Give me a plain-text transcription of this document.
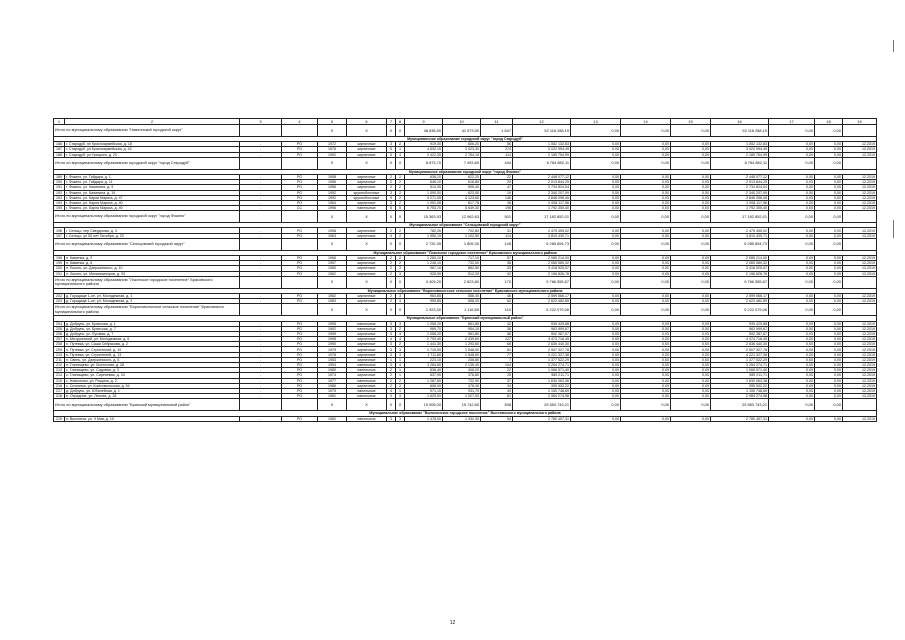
1	2	3	4	5	6	7	8	9	10	11	12	13	14	15	16	17	18	19
Итого по муниципальному образованию "Навлинский городской округ"				X	X	X	X	46 838,90	41 973,90	1 647	52 116 288,19	0,00	0,00	0,00	52 116 288,19	0,00	0,00	
Муниципальное образование городской округ "город Стародуб"																		
186	г. Стародуб, пл Красноармейская, д. 18	-	РО	1972	кирпичные	3	2	919,30	806,20	56	1 552 132,83	0,00	0,00	0,00	1 552 132,83	0,00	0,00	12.2019
187	г. Стародуб, ул Красноармейская, д. 42	-	РО	1976	кирпичные	5	1	4 532,10	3 923,30	274	3 022 994,49	0,00	0,00	0,00	3 022 994,49	0,00	0,00	12.2019
188	г. Стародуб, ул Урицкого, д. 23	-	РО	1992	кирпичные	5	4	3 422,30	2 764,10	114	2 189 754,99	0,00	0,00	0,00	2 189 754,99	0,00	0,00	12.2019
Итого по муниципальному образованию городской округ "город Стародуб"				X	X	X	X	8 873,70	7 493,60	444	6 764 882,11	0,00	0,00	0,00	6 764 882,11	0,00	0,00	
Муниципальное образование городской округ "город Фокино"																		
189	г. Фокино, ул. Гайдара, д. 1	-	РО	1958	кирпичные	2	2	638,20	622,20	22	2 448 077,12	0,00	0,00	0,00	2 448 077,12	0,00	0,00	12.2019
190	г. Фокино, ул. Гайдара, д. 11	-	РО	1956	кирпичные	2	2	646,10	616,80	29	2 013 844,25	0,00	0,00	0,00	2 013 844,25	0,00	0,00	12.2019
191	г. Фокино, ул. Калинина, д. 9	-	РО	1956	кирпичные	2	2	514,30	505,40	47	2 734 824,04	0,00	0,00	0,00	2 734 824,04	0,00	0,00	12.2019
192	г. Фокино, ул. Калинина, д. 19	-	РО	1952	крупноблочные	3	2	1 090,00	623,50	19	2 340 207,09	0,00	0,00	0,00	2 340 207,09	0,00	0,00	12.2019
193	г. Фокино, ул. Карла Маркса, д. 47	-	РО	1992	крупноблочные	9	2	4 271,55	4 123,65	146	3 846 096,45	0,00	0,00	0,00	3 846 096,45	0,00	0,00	12.2019
194	г. Фокино, ул. Карла Маркса, д. 40	-	РО	1964	кирпичные	3	2	1 051,08	817,78	38	2 008 117,56	0,00	0,00	0,00	2 008 117,56	0,00	0,00	12.2019
195	г. Фокино, ул. Карла Маркса, д. 49	-	СС	1996	панельные	5	5	6 753,70	5 649,30	198	1 792 305,40	0,00	0,00	0,00	1 792 305,40	0,00	0,00	12.2019
Итого по муниципальному образованию городской округ "город Фокино"				X	X	X	X	15 363,93	12 962,63	501	17 182 852,01	0,00	0,00	0,00	17 182 852,01	0,00	0,00	
Муниципальное образование "Сельцовский городской округ"																		
196	г. Сельцо, пер Свердлова, д. 3	-	РО	1958	кирпичные	2	2	782,26	702,80	31	2 475 455,02	0,00	0,00	0,00	2 475 455,02	0,00	0,00	12.2019
197	г. Сельцо, ул 50 лет Октября, д. 20	-	РО	1963	кирпичные	4	2	1 950,19	1 102,50	114	3 810 439,71	0,00	0,00	0,00	3 810 439,71	0,00	0,00	12.2019
Итого по муниципальному образованию "Сельцовский городской округ"				X	X	X	X	2 732,45	1 805,30	145	6 285 894,73	0,00	0,00	0,00	6 285 894,73	0,00	0,00	
Муниципальное образование "Локотское городское поселение" Брасовского муниципального района																		
198	п. Каменка, д. 2	-	РО	1966	кирпичные	2	2	1 283,10	717,10	57	2 085 214,00	0,00	0,00	0,00	2 085 214,00	0,00	0,00	12.2019
199	п. Каменка, д. 6	-	РО	1957	кирпичные	2	2	1 248,10	732,00	38	2 065 589,32	0,00	0,00	0,00	2 065 589,32	0,00	0,00	12.2019
200	п. Локоть, ул. Дзержинского, д. 10	-	РО	1980	кирпичные	2	3	967,10	862,50	33	3 418 925,57	0,00	0,00	0,00	3 418 925,57	0,00	0,00	12.2019
201	п. Локоть, ул. Механизаторов, д. 33	-	РО	1962	кирпичные	2	3	928,90	512,20	42	2 196 826,76	0,00	0,00	0,00	2 196 826,76	0,00	0,00	12.2019
Итого по муниципальному образованию "Локотское городское поселение" Брасовского муниципального района				X	X	X	X	4 409,20	2 823,80	170	9 766 555,67	0,00	0,00	0,00	9 766 555,67	0,00	0,00	
Муниципальное образование "Вороновологское сельское поселение" Брасовского муниципального района																		
202	д. Городище 1-ое, ул. Молодежная, д. 1	-	РО	1982	кирпичные	2	3	963,85	558,40	46	2 599 566,17	0,00	0,00	0,00	2 599 566,17	0,00	0,00	12.2019
203	д. Городище 1-ое, ул. Молодежная, д. 2	-	РО	1983	кирпичные	2	3	959,85	558,20	62	2 622 482,89	0,00	0,00	0,00	2 622 482,89	0,00	0,00	12.2019
Итого по муниципальному образованию "Вороновологское сельское поселение" Брасовского муниципального района				X	X	X	X	1 923,30	1 116,60	110	5 222 079,06	0,00	0,00	0,00	5 222 079,06	0,00	0,00	
Муниципальное образование "Брянский муниципальный район"																		
204	д. Добрунь, ул. Брянская, д. 1	-	РО	1995	панельные	3	3	1 058,20	861,80	42	939 429,88	0,00	0,00	0,00	939 429,88	0,00	0,00	12.2019
205	д. Добрунь, ул. Брянская, д. 7	-	РО	1992	панельные	3	2	989,70	954,10	36	963 999,67	0,00	0,00	0,00	963 999,67	0,00	0,00	12.2019
206	д. Добрунь, ул. Луговая, д. 7	-	РО	1999	кирпичные	3	3	1 056,20	961,80	56	592 387,67	0,00	0,00	0,00	592 387,67	0,00	0,00	12.2019
207	п. Мичуринский, ул. Молодежная, д. 5	-	РО	1998	кирпичные	4	4	2 793,40	2 439,60	127	4 474 716,45	0,00	0,00	0,00	4 474 716,45	0,00	0,00	12.2019
208	п. Путевка, ул. Саши Себрякова, д. 2	-	РО	1990	кирпичные	3	2	1 441,30	1 293,60	68	2 636 440,30	0,00	0,00	0,00	2 636 440,30	0,00	0,00	12.2019
209	п. Путевка, ул. Строителей, д. 10	-	РО	1979	кирпичные	3	3	1 710,00	1 548,00	81	2 907 327,78	0,00	0,00	0,00	2 907 327,78	0,00	0,00	12.2019
210	п. Путевка, ул. Строителей, д. 13	-	РО	1978	кирпичные	3	3	1 711,60	1 548,60	77	4 221 327,38	0,00	0,00	0,00	4 221 327,38	0,00	0,00	12.2019
211	п. Свень, ул. Дзержинского, д. 6	-	РО	1953	кирпичные	1	1	223,10	208,80	7	1 377 522,29	0,00	0,00	0,00	1 377 522,29	0,00	0,00	12.2019
212	п. Глинищево, ул. Восточная, д. 28	-	РО	1994	панельные	3	4	3 284,80	2 135,40	104	3 254 274,71	0,00	0,00	0,00	3 254 274,71	0,00	0,00	12.2019
213	с. Глинищево, ул. Садовая, д. 3	-	РО	1980	панельные	2	1	836,40	406,20	22	1 066 571,40	0,00	0,00	0,00	1 066 571,40	0,00	0,00	12.2019
214	с. Глинищево, ул. Сиреневая, д. 34	-	РО	1974	кирпичные	2	1	637,90	376,80	25	989 211,71	0,00	0,00	0,00	989 211,71	0,00	0,00	12.2019
215	с. Новоселки, ул. Рощина, д. 2	-	РО	1977	панельные	2	2	1 287,80	732,90	37	1 630 063,36	0,00	0,00	0,00	1 630 063,36	0,00	0,00	12.2019
216	с. Ситнянка, ул. Комсомольская, д. 54	-	РО	1986	кирпичные	2	2	608,00	476,40	34	395 532,22	0,00	0,00	0,00	395 532,22	0,00	0,00	12.2019
217	д. Добрунь, ул. Юбилейная, д. 1	-	РО	1975	панельные	4	1	971,10	931,70	40	1 150 748,69	0,00	0,00	0,00	1 150 748,69	0,00	0,00	12.2019
218	п. Отрадное, ул. Лесная, д. 34	-	РО	1981	панельные	3	3	1 625,00	1 527,00	81	2 984 274,98	0,00	0,00	0,00	2 984 274,98	0,00	0,00	12.2019
Итого по муниципальному образованию "Брянский муниципальный район"				X	X	X	X	19 908,00	15 742,80	838	29 583 743,21	0,00	0,00	0,00	29 583 743,21	0,00	0,00	
Муниципальное образование "Выгоничское городское поселение" Выгоничского муниципального района																		
219	п. Выгоничи, ул. 9 Мая, д. 10	-	РО	1962	панельные	3	3	1 478,00	1 332,30	54	2 780 457,31	0,00	0,00	0,00	2 780 457,31	0,00	0,00	12.2019
12
